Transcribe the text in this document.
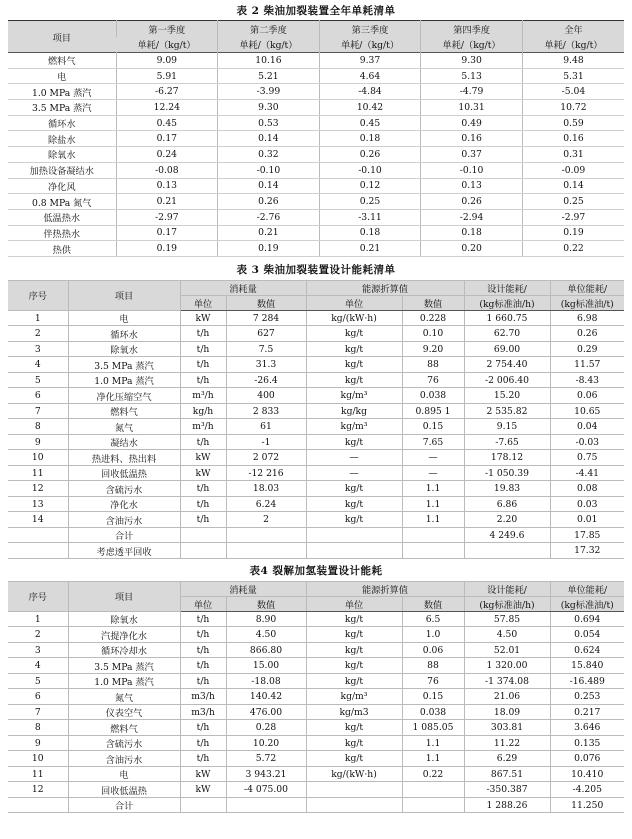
表 2 柴油加裂装置全年单耗清单
项目	第一季度	第二季度	第三季度	第四季度	全年
	单耗/（kg/t）	单耗/（kg/t）	单耗/（kg/t）	单耗/（kg/t）	单耗/（kg/t）
燃料气	9.09	10.16	9.37	9.30	9.48
电	5.91	5.21	4.64	5.13	5.31
1.0 MPa 蒸汽	-6.27	-3.99	-4.84	-4.79	-5.04
3.5 MPa 蒸汽	12.24	9.30	10.42	10.31	10.72
循环水	0.45	0.53	0.45	0.49	0.59
除盐水	0.17	0.14	0.18	0.16	0.16
除氧水	0.24	0.32	0.26	0.37	0.31
加热设备凝结水	-0.08	-0.10	-0.10	-0.10	-0.09
净化风	0.13	0.14	0.12	0.13	0.14
0.8 MPa 氮气	0.21	0.26	0.25	0.26	0.25
低温热水	-2.97	-2.76	-3.11	-2.94	-2.97
伴热热水	0.17	0.21	0.18	0.18	0.19
热供	0.19	0.19	0.21	0.20	0.22
表 3 柴油加裂装置设计能耗清单
序号	项目	消耗量		能源折算值		设计能耗/	单位能耗/
		单位	数值	单位	数值	(kg标准油/h)	(kg标准油/t)
1	电	kW	7 284	kg/(kW·h)	0.228	1 660.75	6.98
2	循环水	t/h	627	kg/t	0.10	62.70	0.26
3	除氧水	t/h	7.5	kg/t	9.20	69.00	0.29
4	3.5 MPa 蒸汽	t/h	31.3	kg/t	88	2 754.40	11.57
5	1.0 MPa 蒸汽	t/h	-26.4	kg/t	76	-2 006.40	-8.43
6	净化压缩空气	m³/h	400	kg/m³	0.038	15.20	0.06
7	燃料气	kg/h	2 833	kg/kg	0.895 1	2 535.82	10.65
8	氮气	m³/h	61	kg/m³	0.15	9.15	0.04
9	凝结水	t/h	-1	kg/t	7.65	-7.65	-0.03
10	热进料、热出料	kW	2 072	—	—	178.12	0.75
11	回收低温热	kW	-12 216	—	—	-1 050.39	-4.41
12	含硫污水	t/h	18.03	kg/t	1.1	19.83	0.08
13	净化水	t/h	6.24	kg/t	1.1	6.86	0.03
14	含油污水	t/h	2	kg/t	1.1	2.20	0.01
	合计					4 249.6	17.85
	考虑透平回收						17.32
表4 裂解加氢装置设计能耗
序号	项目	消耗量		能源折算值		设计能耗/	单位能耗/
		单位	数值	单位	数值	(kg标准油/h)	(kg标准油/t)
1	除氧水	t/h	8.90	kg/t	6.5	57.85	0.694
2	汽提净化水	t/h	4.50	kg/t	1.0	4.50	0.054
3	循环冷却水	t/h	866.80	kg/t	0.06	52.01	0.624
4	3.5 MPa 蒸汽	t/h	15.00	kg/t	88	1 320.00	15.840
5	1.0 MPa 蒸汽	t/h	-18.08	kg/t	76	-1 374.08	-16.489
6	氮气	m3/h	140.42	kg/m³	0.15	21.06	0.253
7	仪表空气	m3/h	476.00	kg/m3	0.038	18.09	0.217
8	燃料气	t/h	0.28	kg/t	1 085.05	303.81	3.646
9	含硫污水	t/h	10.20	kg/t	1.1	11.22	0.135
10	含油污水	t/h	5.72	kg/t	1.1	6.29	0.076
11	电	kW	3 943.21	kg/(kW·h)	0.22	867.51	10.410
12	回收低温热	kW	-4 075.00			-350.387	-4.205
	合计					1 288.26	11.250
